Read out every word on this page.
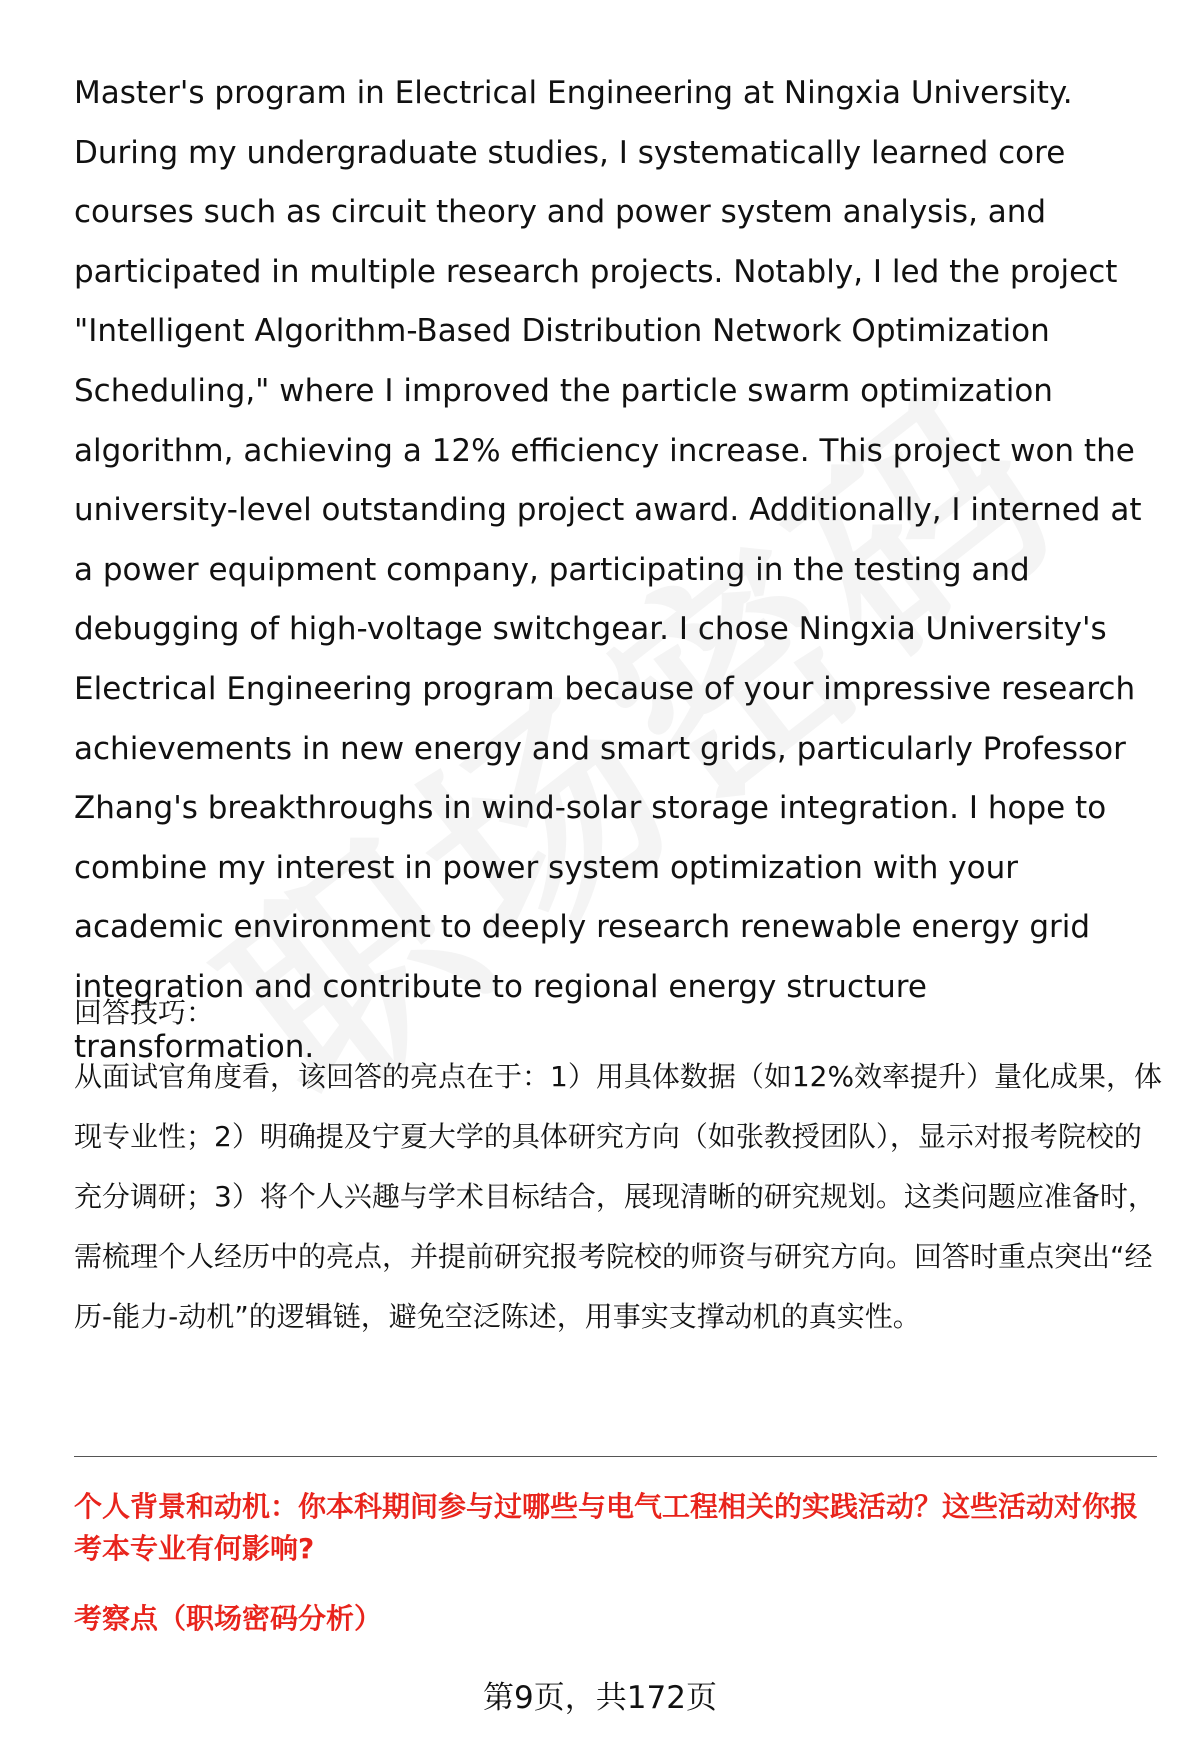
Master's program in Electrical Engineering at Ningxia University. During my undergraduate studies, I systematically learned core courses such as circuit theory and power system analysis, and participated in multiple research projects. Notably, I led the project "Intelligent Algorithm-Based Distribution Network Optimization Scheduling," where I improved the particle swarm optimization algorithm, achieving a 12% efficiency increase. This project won the university-level outstanding project award. Additionally, I interned at a power equipment company, participating in the testing and debugging of high-voltage switchgear. I chose Ningxia University's Electrical Engineering program because of your impressive research achievements in new energy and smart grids, particularly Professor Zhang's breakthroughs in wind-solar storage integration. I hope to combine my interest in power system optimization with your academic environment to deeply research renewable energy grid integration and contribute to regional energy structure transformation.

回答技巧：

从面试官角度看，该回答的亮点在于：1）用具体数据（如12%效率提升）量化成果，体现专业性；2）明确提及宁夏大学的具体研究方向（如张教授团队），显示对报考院校的充分调研；3）将个人兴趣与学术目标结合，展现清晰的研究规划。这类问题应准备时，需梳理个人经历中的亮点，并提前研究报考院校的师资与研究方向。回答时重点突出“经历-能力-动机”的逻辑链，避免空泛陈述，用事实支撑动机的真实性。

个人背景和动机：你本科期间参与过哪些与电气工程相关的实践活动？这些活动对你报考本专业有何影响?

考察点（职场密码分析）

第9页，共172页
